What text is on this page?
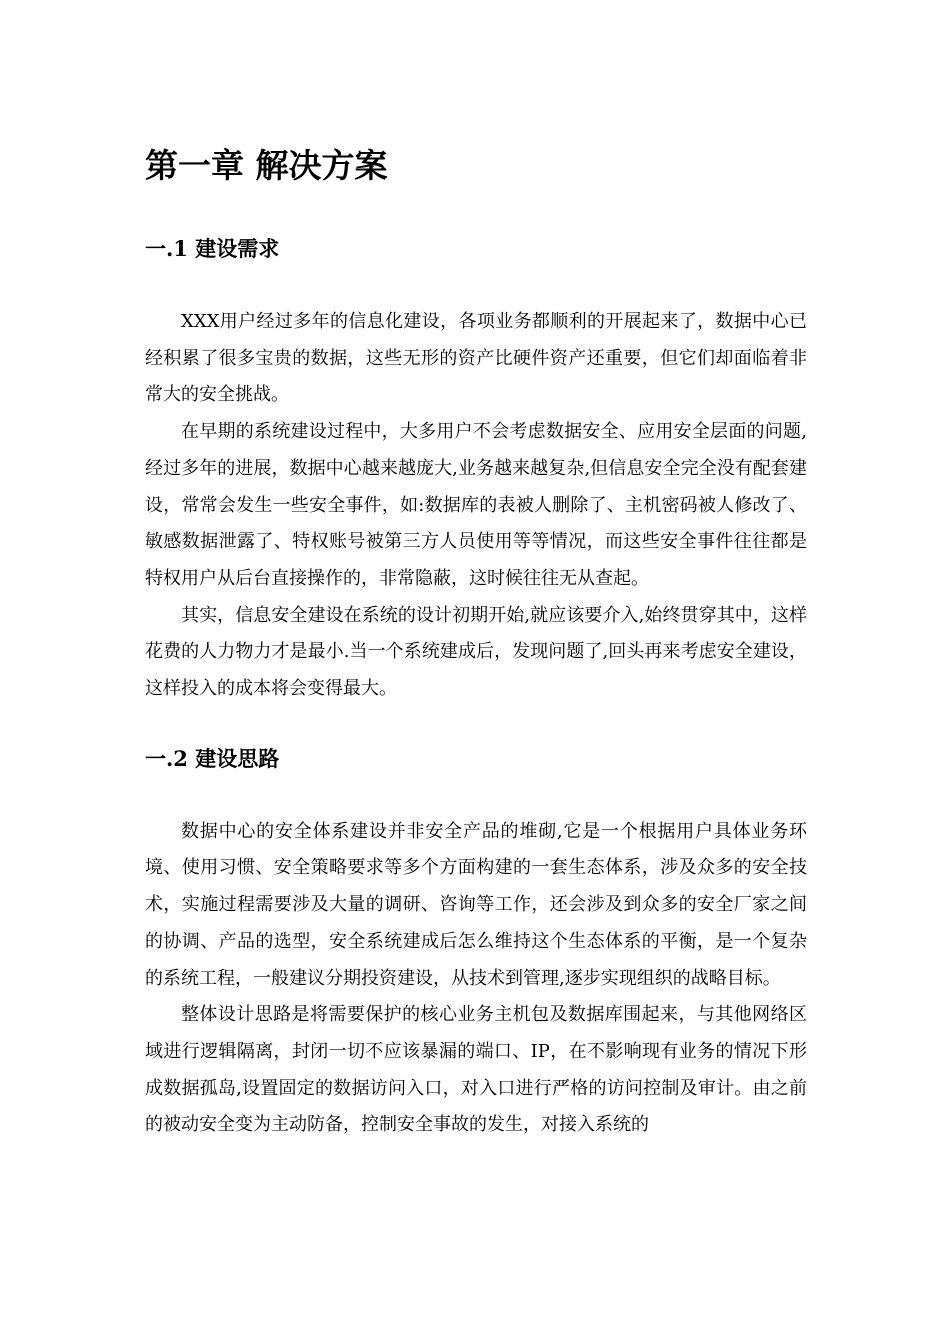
第一章 解决方案
一.1 建设需求

XXX用户经过多年的信息化建设，各项业务都顺利的开展起来了，数据中心已经积累了很多宝贵的数据，这些无形的资产比硬件资产还重要，但它们却面临着非常大的安全挑战。

在早期的系统建设过程中，大多用户不会考虑数据安全、应用安全层面的问题,经过多年的进展，数据中心越来越庞大,业务越来越复杂,但信息安全完全没有配套建设，常常会发生一些安全事件，如:数据库的表被人删除了、主机密码被人修改了、敏感数据泄露了、特权账号被第三方人员使用等等情况，而这些安全事件往往都是特权用户从后台直接操作的，非常隐蔽，这时候往往无从查起。

其实，信息安全建设在系统的设计初期开始,就应该要介入,始终贯穿其中，这样花费的人力物力才是最小.当一个系统建成后，发现问题了,回头再来考虑安全建设，这样投入的成本将会变得最大。

一.2 建设思路

数据中心的安全体系建设并非安全产品的堆砌,它是一个根据用户具体业务环境、使用习惯、安全策略要求等多个方面构建的一套生态体系，涉及众多的安全技术，实施过程需要涉及大量的调研、咨询等工作，还会涉及到众多的安全厂家之间的协调、产品的选型，安全系统建成后怎么维持这个生态体系的平衡，是一个复杂的系统工程，一般建议分期投资建设，从技术到管理,逐步实现组织的战略目标。

整体设计思路是将需要保护的核心业务主机包及数据库围起来，与其他网络区域进行逻辑隔离，封闭一切不应该暴漏的端口、IP，在不影响现有业务的情况下形成数据孤岛,设置固定的数据访问入口，对入口进行严格的访问控制及审计。由之前的被动安全变为主动防备，控制安全事故的发生，对接入系统的
